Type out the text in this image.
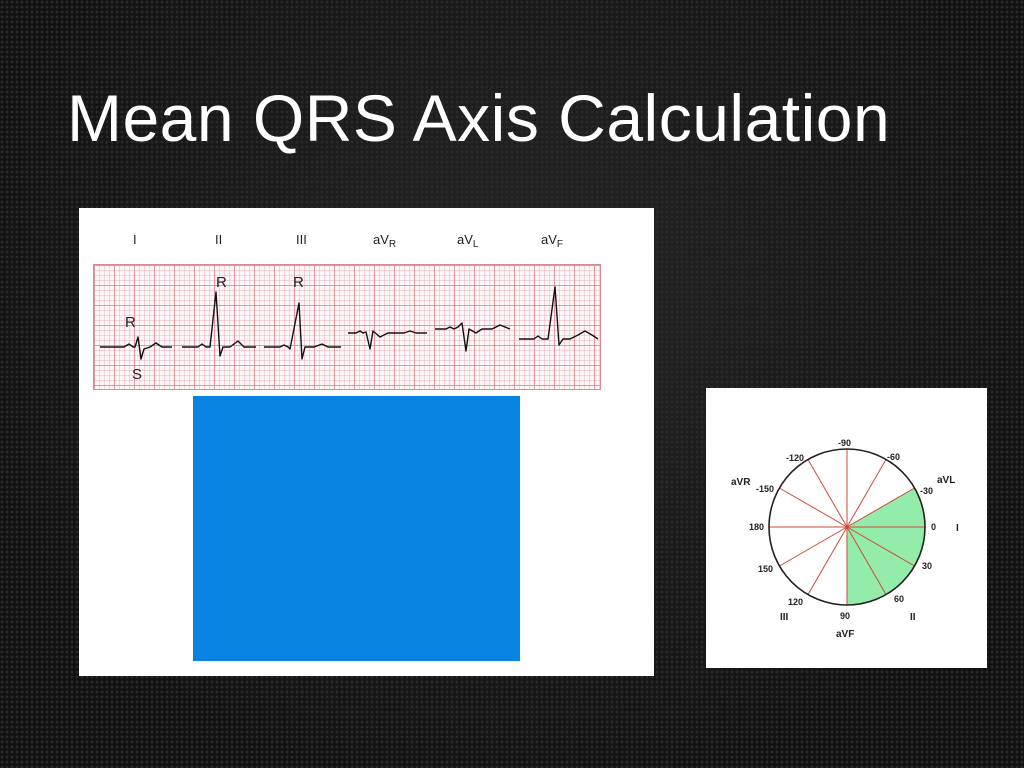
Mean QRS Axis Calculation
I	II	III	$aV_R$	$aV_L$	$aV_F$
R
S
R
R
-90
-120	-60
-150	-30
180	0
150	30
120	60
90
aVR	aVL
I
III	II
aVF
